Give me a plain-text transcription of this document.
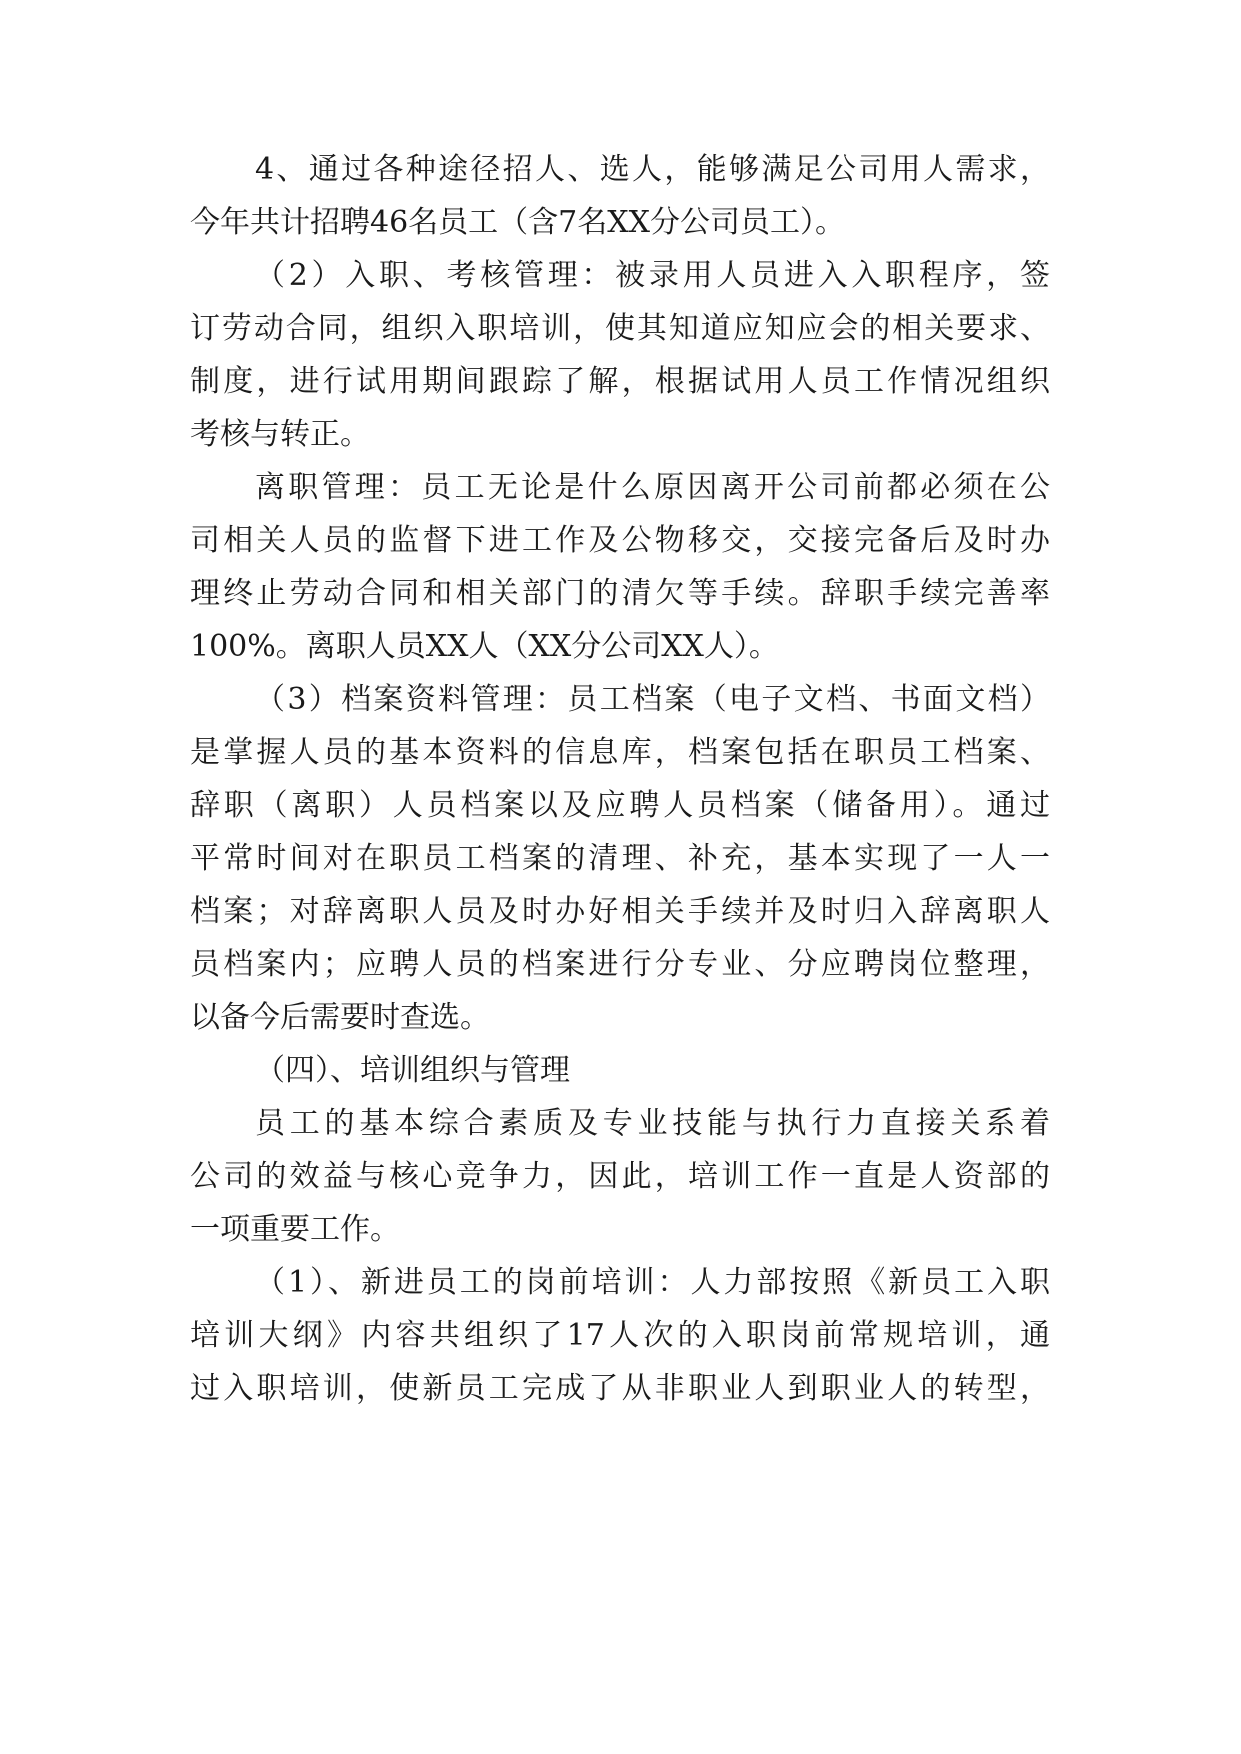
4、通过各种途径招人、选人，能够满足公司用人需求，
今年共计招聘46名员工（含7名XX分公司员工）。
（2）入职、考核管理：被录用人员进入入职程序，签
订劳动合同，组织入职培训，使其知道应知应会的相关要求、
制度，进行试用期间跟踪了解，根据试用人员工作情况组织
考核与转正。
离职管理：员工无论是什么原因离开公司前都必须在公
司相关人员的监督下进工作及公物移交，交接完备后及时办
理终止劳动合同和相关部门的清欠等手续。辞职手续完善率
100%。离职人员XX人（XX分公司XX人）。
（3）档案资料管理：员工档案（电子文档、书面文档）
是掌握人员的基本资料的信息库，档案包括在职员工档案、
辞职（离职）人员档案以及应聘人员档案（储备用）。通过
平常时间对在职员工档案的清理、补充，基本实现了一人一
档案；对辞离职人员及时办好相关手续并及时归入辞离职人
员档案内；应聘人员的档案进行分专业、分应聘岗位整理，
以备今后需要时查选。
（四）、培训组织与管理
员工的基本综合素质及专业技能与执行力直接关系着
公司的效益与核心竞争力，因此，培训工作一直是人资部的
一项重要工作。
（1）、新进员工的岗前培训：人力部按照《新员工入职
培训大纲》内容共组织了17人次的入职岗前常规培训，通
过入职培训，使新员工完成了从非职业人到职业人的转型，
